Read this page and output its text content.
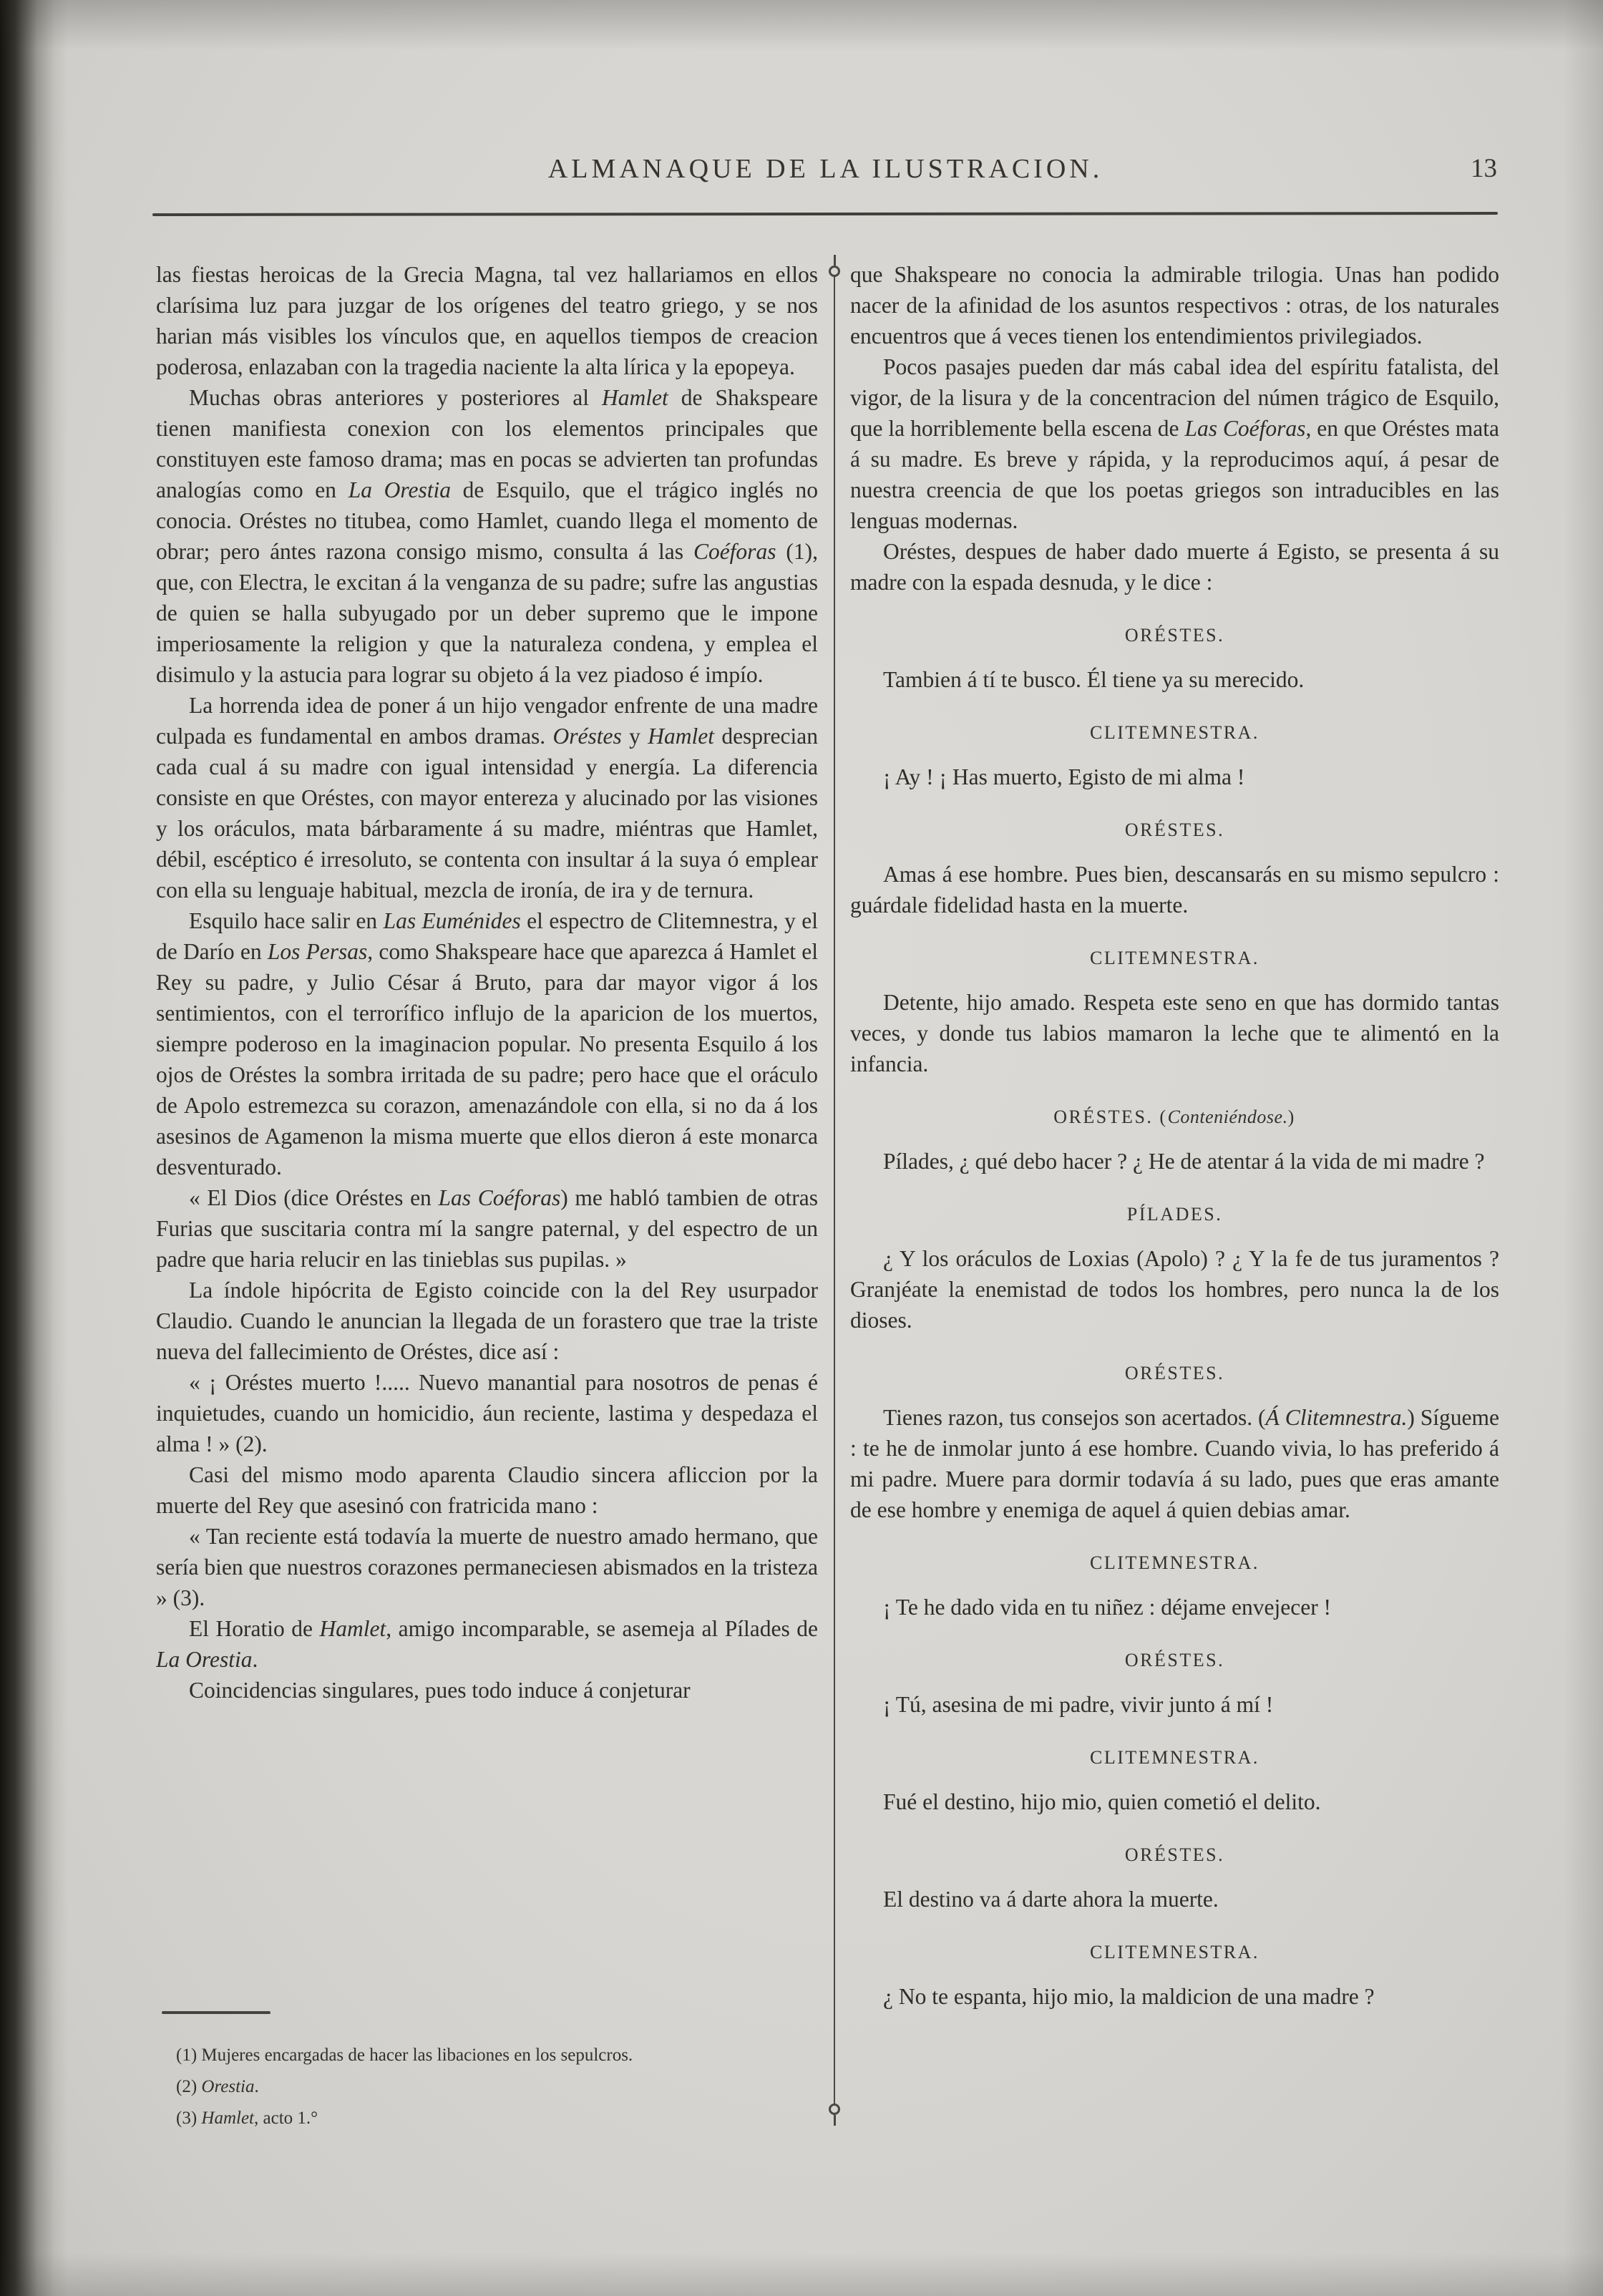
ALMANAQUE DE LA ILUSTRACION.	13

las fiestas heroicas de la Grecia Magna, tal vez hallariamos en ellos clarísima luz para juzgar de los orígenes del teatro griego, y se nos harian más visibles los vínculos que, en aquellos tiempos de creacion poderosa, enlazaban con la tragedia naciente la alta lírica y la epopeya.

Muchas obras anteriores y posteriores al Hamlet de Shakspeare tienen manifiesta conexion con los elementos principales que constituyen este famoso drama; mas en pocas se advierten tan profundas analogías como en La Orestia de Esquilo, que el trágico inglés no conocia. Oréstes no titubea, como Hamlet, cuando llega el momento de obrar; pero ántes razona consigo mismo, consulta á las Coéforas (1), que, con Electra, le excitan á la venganza de su padre; sufre las angustias de quien se halla subyugado por un deber supremo que le impone imperiosamente la religion y que la naturaleza condena, y emplea el disimulo y la astucia para lograr su objeto á la vez piadoso é impío.

La horrenda idea de poner á un hijo vengador enfrente de una madre culpada es fundamental en ambos dramas. Oréstes y Hamlet desprecian cada cual á su madre con igual intensidad y energía. La diferencia consiste en que Oréstes, con mayor entereza y alucinado por las visiones y los oráculos, mata bárbaramente á su madre, miéntras que Hamlet, débil, escéptico é irresoluto, se contenta con insultar á la suya ó emplear con ella su lenguaje habitual, mezcla de ironía, de ira y de ternura.

Esquilo hace salir en Las Euménides el espectro de Clitemnestra, y el de Darío en Los Persas, como Shakspeare hace que aparezca á Hamlet el Rey su padre, y Julio César á Bruto, para dar mayor vigor á los sentimientos, con el terrorífico influjo de la aparicion de los muertos, siempre poderoso en la imaginacion popular. No presenta Esquilo á los ojos de Oréstes la sombra irritada de su padre; pero hace que el oráculo de Apolo estremezca su corazon, amenazándole con ella, si no da á los asesinos de Agamenon la misma muerte que ellos dieron á este monarca desventurado.

« El Dios (dice Oréstes en Las Coéforas) me habló tambien de otras Furias que suscitaria contra mí la sangre paternal, y del espectro de un padre que haria relucir en las tinieblas sus pupilas. »

La índole hipócrita de Egisto coincide con la del Rey usurpador Claudio. Cuando le anuncian la llegada de un forastero que trae la triste nueva del fallecimiento de Oréstes, dice así :

« ¡ Oréstes muerto !..... Nuevo manantial para nosotros de penas é inquietudes, cuando un homicidio, áun reciente, lastima y despedaza el alma ! » (2).

Casi del mismo modo aparenta Claudio sincera afliccion por la muerte del Rey que asesinó con fratricida mano :

« Tan reciente está todavía la muerte de nuestro amado hermano, que sería bien que nuestros corazones permaneciesen abismados en la tristeza » (3).

El Horatio de Hamlet, amigo incomparable, se asemeja al Pílades de La Orestia.

Coincidencias singulares, pues todo induce á conjeturar

(1) Mujeres encargadas de hacer las libaciones en los sepulcros.

(2) Orestia.

(3) Hamlet, acto 1.°

que Shakspeare no conocia la admirable trilogia. Unas han podido nacer de la afinidad de los asuntos respectivos : otras, de los naturales encuentros que á veces tienen los entendimientos privilegiados.

Pocos pasajes pueden dar más cabal idea del espíritu fatalista, del vigor, de la lisura y de la concentracion del númen trágico de Esquilo, que la horriblemente bella escena de Las Coéforas, en que Oréstes mata á su madre. Es breve y rápida, y la reproducimos aquí, á pesar de nuestra creencia de que los poetas griegos son intraducibles en las lenguas modernas.

Oréstes, despues de haber dado muerte á Egisto, se presenta á su madre con la espada desnuda, y le dice :

ORÉSTES.

Tambien á tí te busco. Él tiene ya su merecido.

CLITEMNESTRA.

¡ Ay ! ¡ Has muerto, Egisto de mi alma !

ORÉSTES.

Amas á ese hombre. Pues bien, descansarás en su mismo sepulcro : guárdale fidelidad hasta en la muerte.

CLITEMNESTRA.

Detente, hijo amado. Respeta este seno en que has dormido tantas veces, y donde tus labios mamaron la leche que te alimentó en la infancia.

ORÉSTES. (Conteniéndose.)

Pílades, ¿ qué debo hacer ? ¿ He de atentar á la vida de mi madre ?

PÍLADES.

¿ Y los oráculos de Loxias (Apolo) ? ¿ Y la fe de tus juramentos ? Granjéate la enemistad de todos los hombres, pero nunca la de los dioses.

ORÉSTES.

Tienes razon, tus consejos son acertados. (Á Clitemnestra.) Sígueme : te he de inmolar junto á ese hombre. Cuando vivia, lo has preferido á mi padre. Muere para dormir todavía á su lado, pues que eras amante de ese hombre y enemiga de aquel á quien debias amar.

CLITEMNESTRA.

¡ Te he dado vida en tu niñez : déjame envejecer !

ORÉSTES.

¡ Tú, asesina de mi padre, vivir junto á mí !

CLITEMNESTRA.

Fué el destino, hijo mio, quien cometió el delito.

ORÉSTES.

El destino va á darte ahora la muerte.

CLITEMNESTRA.

¿ No te espanta, hijo mio, la maldicion de una madre ?
